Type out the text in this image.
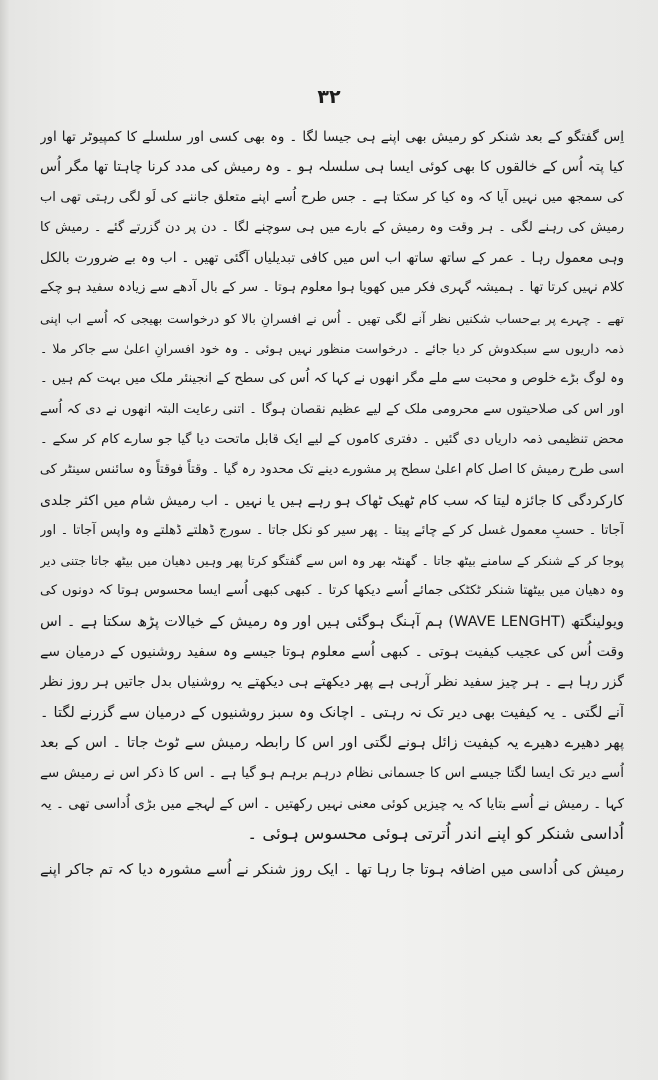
۳۲
اِس گفتگو کے بعد شنکر کو رمیش بھی اپنے ہی جیسا لگا ۔ وہ بھی کسی اور سلسلے کا کمپیوٹر تھا اور
کیا پتہ اُس کے خالقوں کا بھی کوئی ایسا ہی سلسلہ ہو ۔ وہ رمیش کی مدد کرنا چاہتا تھا مگر اُس
کی سمجھ میں نہیں آیا کہ وہ کیا کر سکتا ہے ۔ جس طرح اُسے اپنے متعلق جاننے کی لَو لگی رہتی تھی اب
رمیش کی رہنے لگی ۔ ہر وقت وہ رمیش کے بارے میں ہی سوچنے لگا ۔ دن پر دن گزرتے گئے ۔ رمیش کا
وہی معمول رہا ۔ عمر کے ساتھ ساتھ اب اس میں کافی تبدیلیاں آگئی تھیں ۔ اب وہ بے ضرورت بالکل
کلام نہیں کرتا تھا ۔ ہمیشہ گہری فکر میں کھویا ہوا معلوم ہوتا ۔ سر کے بال آدھے سے زیادہ سفید ہو چکے
تھے ۔ چہرے پر بےحساب شکنیں نظر آنے لگی تھیں ۔ اُس نے افسرانِ بالا کو درخواست بھیجی کہ اُسے اب اپنی
ذمہ داریوں سے سبکدوش کر دیا جائے ۔ درخواست منظور نہیں ہوئی ۔ وہ خود افسرانِ اعلیٰ سے جاکر ملا ۔
وہ لوگ بڑے خلوص و محبت سے ملے مگر انھوں نے کہا کہ اُس کی سطح کے انجینئر ملک میں بہت کم ہیں ۔
اور اس کی صلاحیتوں سے محرومی ملک کے لیے عظیم نقصان ہوگا ۔ اتنی رعایت البتہ انھوں نے دی کہ اُسے
محض تنظیمی ذمہ داریاں دی گئیں ۔ دفتری کاموں کے لیے ایک قابل ماتحت دیا گیا جو سارے کام کر سکے ۔
اسی طرح رمیش کا اصل کام اعلیٰ سطح پر مشورے دینے تک محدود رہ گیا ۔ وقتاً فوقتاً وہ سائنس سینٹر کی
کارکردگی کا جائزہ لیتا کہ سب کام ٹھیک ٹھاک ہو رہے ہیں یا نہیں ۔ اب رمیش شام میں اکثر جلدی
آجاتا ۔ حسبِ معمول غسل کر کے چائے پیتا ۔ پھر سیر کو نکل جاتا ۔ سورج ڈھلتے ڈھلتے وہ واپس آجاتا ۔ اور
پوجا کر کے شنکر کے سامنے بیٹھ جاتا ۔ گھنٹہ بھر وہ اس سے گفتگو کرتا پھر وہیں دھیان میں بیٹھ جاتا جتنی دیر
وہ دھیان میں بیٹھتا شنکر ٹکٹکی جمائے اُسے دیکھا کرتا ۔ کبھی کبھی اُسے ایسا محسوس ہوتا کہ دونوں کی
ویولینگتھ (WAVE LENGHT) ہم آہنگ ہوگئی ہیں اور وہ رمیش کے خیالات پڑھ سکتا ہے ۔ اس
وقت اُس کی عجیب کیفیت ہوتی ۔ کبھی اُسے معلوم ہوتا جیسے وہ سفید روشنیوں کے درمیان سے
گزر رہا ہے ۔ ہر چیز سفید نظر آرہی ہے پھر دیکھتے ہی دیکھتے یہ روشنیاں بدل جاتیں ہر روز نظر
آنے لگتی ۔ یہ کیفیت بھی دیر تک نہ رہتی ۔ اچانک وہ سبز روشنیوں کے درمیان سے گزرنے لگتا ۔
پھر دھیرے دھیرے یہ کیفیت زائل ہونے لگتی اور اس کا رابطہ رمیش سے ٹوٹ جاتا ۔ اس کے بعد
اُسے دیر تک ایسا لگتا جیسے اس کا جسمانی نظام درہم برہم ہو گیا ہے ۔ اس کا ذکر اس نے رمیش سے
کہا ۔ رمیش نے اُسے بتایا کہ یہ چیزیں کوئی معنی نہیں رکھتیں ۔ اس کے لہجے میں بڑی اُداسی تھی ۔ یہ
اُداسی شنکر کو اپنے اندر اُترتی ہوئی محسوس ہوئی ۔
رمیش کی اُداسی میں اضافہ ہوتا جا رہا تھا ۔ ایک روز شنکر نے اُسے مشورہ دیا کہ تم جاکر اپنے
